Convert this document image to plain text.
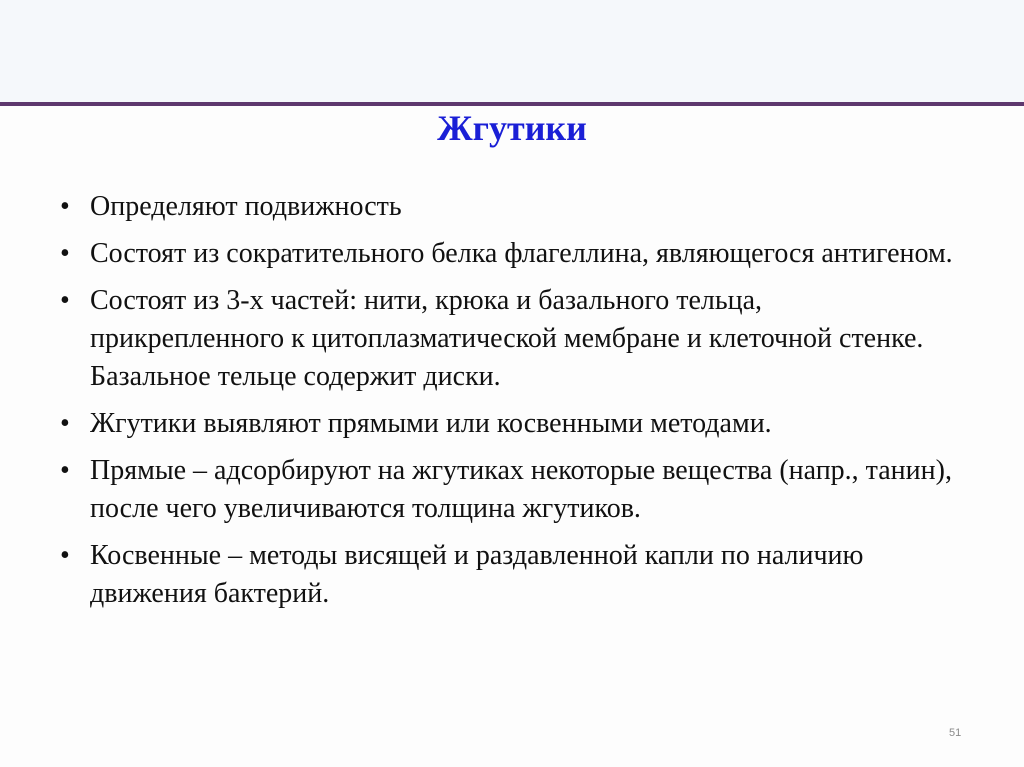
Жгутики
• Определяют подвижность
• Состоят из сократительного белка флагеллина, являющегося антигеном.
• Состоят из 3-х частей: нити, крюка и базального тельца, прикрепленного к цитоплазматической мембране и клеточной стенке. Базальное тельце содержит диски.
• Жгутики выявляют прямыми или косвенными методами.
• Прямые – адсорбируют на жгутиках некоторые вещества (напр., танин), после чего увеличиваются толщина жгутиков.
• Косвенные – методы висящей и раздавленной капли по наличию движения бактерий.
51
